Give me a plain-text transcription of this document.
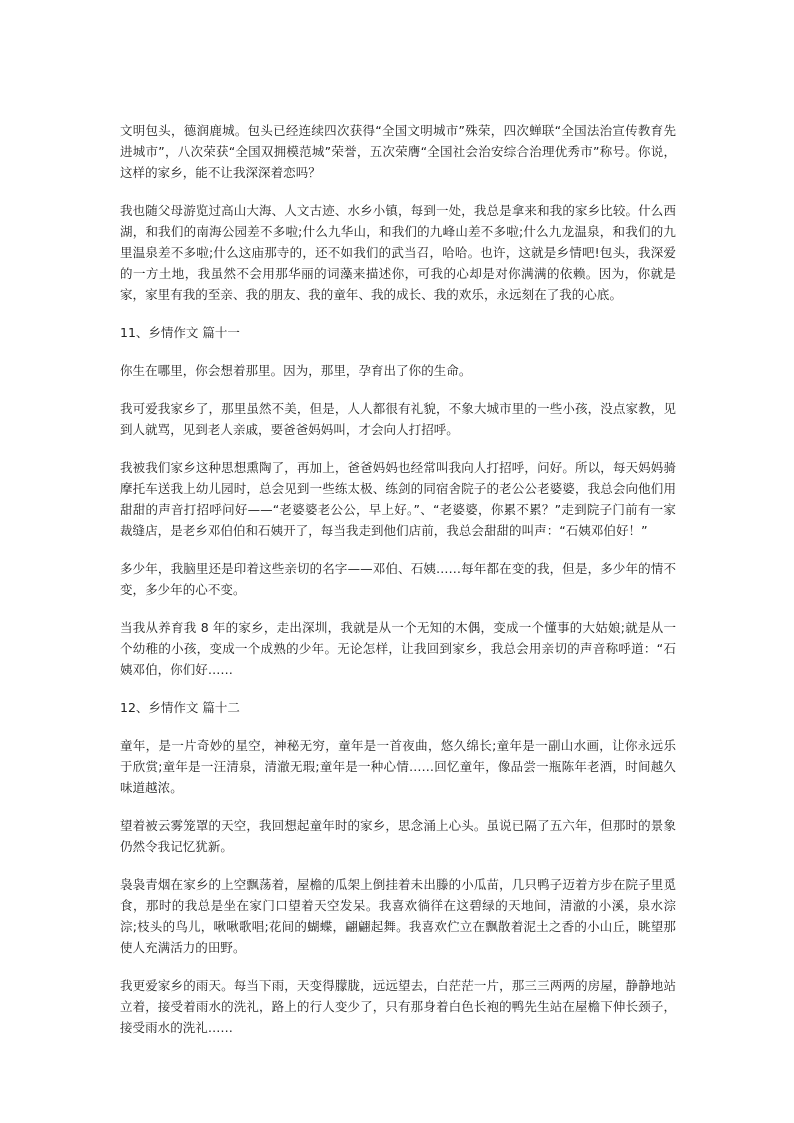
文明包头，德润鹿城。包头已经连续四次获得“全国文明城市”殊荣，四次蝉联“全国法治宣传教育先进城市”，八次荣获“全国双拥模范城”荣誉，五次荣膺“全国社会治安综合治理优秀市”称号。你说，这样的家乡，能不让我深深着恋吗？

我也随父母游览过高山大海、人文古迹、水乡小镇，每到一处，我总是拿来和我的家乡比较。什么西湖，和我们的南海公园差不多啦;什么九华山，和我们的九峰山差不多啦;什么九龙温泉，和我们的九里温泉差不多啦;什么这庙那寺的，还不如我们的武当召，哈哈。也许，这就是乡情吧!包头，我深爱的一方土地，我虽然不会用那华丽的词藻来描述你，可我的心却是对你满满的依赖。因为，你就是家，家里有我的至亲、我的朋友、我的童年、我的成长、我的欢乐，永远刻在了我的心底。

11、乡情作文 篇十一

你生在哪里，你会想着那里。因为，那里，孕育出了你的生命。

我可爱我家乡了，那里虽然不美，但是，人人都很有礼貌，不象大城市里的一些小孩，没点家教，见到人就骂，见到老人亲戚，要爸爸妈妈叫，才会向人打招呼。

我被我们家乡这种思想熏陶了，再加上，爸爸妈妈也经常叫我向人打招呼，问好。所以，每天妈妈骑摩托车送我上幼儿园时，总会见到一些练太极、练剑的同宿舍院子的老公公老婆婆，我总会向他们用甜甜的声音打招呼问好——“老婆婆老公公，早上好。”、“老婆婆，你累不累？”走到院子门前有一家裁缝店，是老乡邓伯伯和石姨开了，每当我走到他们店前，我总会甜甜的叫声：“石姨邓伯好！”

多少年，我脑里还是印着这些亲切的名字——邓伯、石姨……每年都在变的我，但是，多少年的情不变，多少年的心不变。

当我从养育我 8 年的家乡，走出深圳，我就是从一个无知的木偶，变成一个懂事的大姑娘;就是从一个幼稚的小孩，变成一个成熟的少年。无论怎样，让我回到家乡，我总会用亲切的声音称呼道：“石姨邓伯，你们好……

12、乡情作文 篇十二

童年，是一片奇妙的星空，神秘无穷，童年是一首夜曲，悠久绵长;童年是一副山水画，让你永远乐于欣赏;童年是一汪清泉，清澈无瑕;童年是一种心情……回忆童年，像品尝一瓶陈年老酒，时间越久味道越浓。

望着被云雾笼罩的天空，我回想起童年时的家乡，思念涌上心头。虽说已隔了五六年，但那时的景象仍然令我记忆犹新。

袅袅青烟在家乡的上空飘荡着，屋檐的瓜架上倒挂着未出滕的小瓜苗，几只鸭子迈着方步在院子里觅食，那时的我总是坐在家门口望着天空发呆。我喜欢徜徉在这碧绿的天地间，清澈的小溪，泉水淙淙;枝头的鸟儿，啾啾歌唱;花间的蝴蝶，翩翩起舞。我喜欢伫立在飘散着泥土之香的小山丘，眺望那使人充满活力的田野。

我更爱家乡的雨天。每当下雨，天变得朦胧，远远望去，白茫茫一片，那三三两两的房屋，静静地站立着，接受着雨水的洗礼，路上的行人变少了，只有那身着白色长袍的鸭先生站在屋檐下伸长颈子，接受雨水的洗礼……
